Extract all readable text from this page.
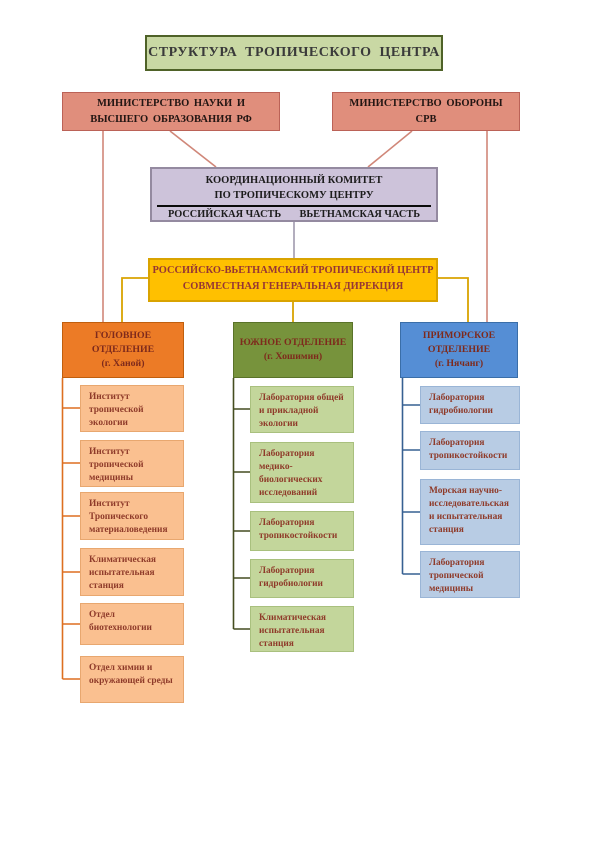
СТРУКТУРА ТРОПИЧЕСКОГО ЦЕНТРА
МИНИСТЕРСТВО НАУКИ И ВЫСШЕГО ОБРАЗОВАНИЯ РФ
МИНИСТЕРСТВО ОБОРОНЫ СРВ
КООРДИНАЦИОННЫЙ КОМИТЕТ
ПО ТРОПИЧЕСКОМУ ЦЕНТРУ
РОССИЙСКАЯ ЧАСТЬ ВЬЕТНАМСКАЯ ЧАСТЬ
РОССИЙСКО-ВЬЕТНАМСКИЙ ТРОПИЧЕСКИЙ ЦЕНТР
СОВМЕСТНАЯ ГЕНЕРАЛЬНАЯ ДИРЕКЦИЯ
ГОЛОВНОЕ ОТДЕЛЕНИЕ
(г. Ханой)
ЮЖНОЕ ОТДЕЛЕНИЕ
(г. Хошимин)
ПРИМОРСКОЕ ОТДЕЛЕНИЕ
(г. Нячанг)
Институт тропической экологии
Институт тропической медицины
Институт Тропического материаловедения
Климатическая испытательная станция
Отдел биотехнологии
Отдел химии и окружающей среды
Лаборатория общей и прикладной экологии
Лаборатория медико-биологических исследований
Лаборатория тропикостойкости
Лаборатория гидробиологии
Климатическая испытательная станция
Лаборатория гидробиологии
Лаборатория тропикостойкости
Морская научно-исследовательская и испытательная станция
Лаборатория тропической медицины
